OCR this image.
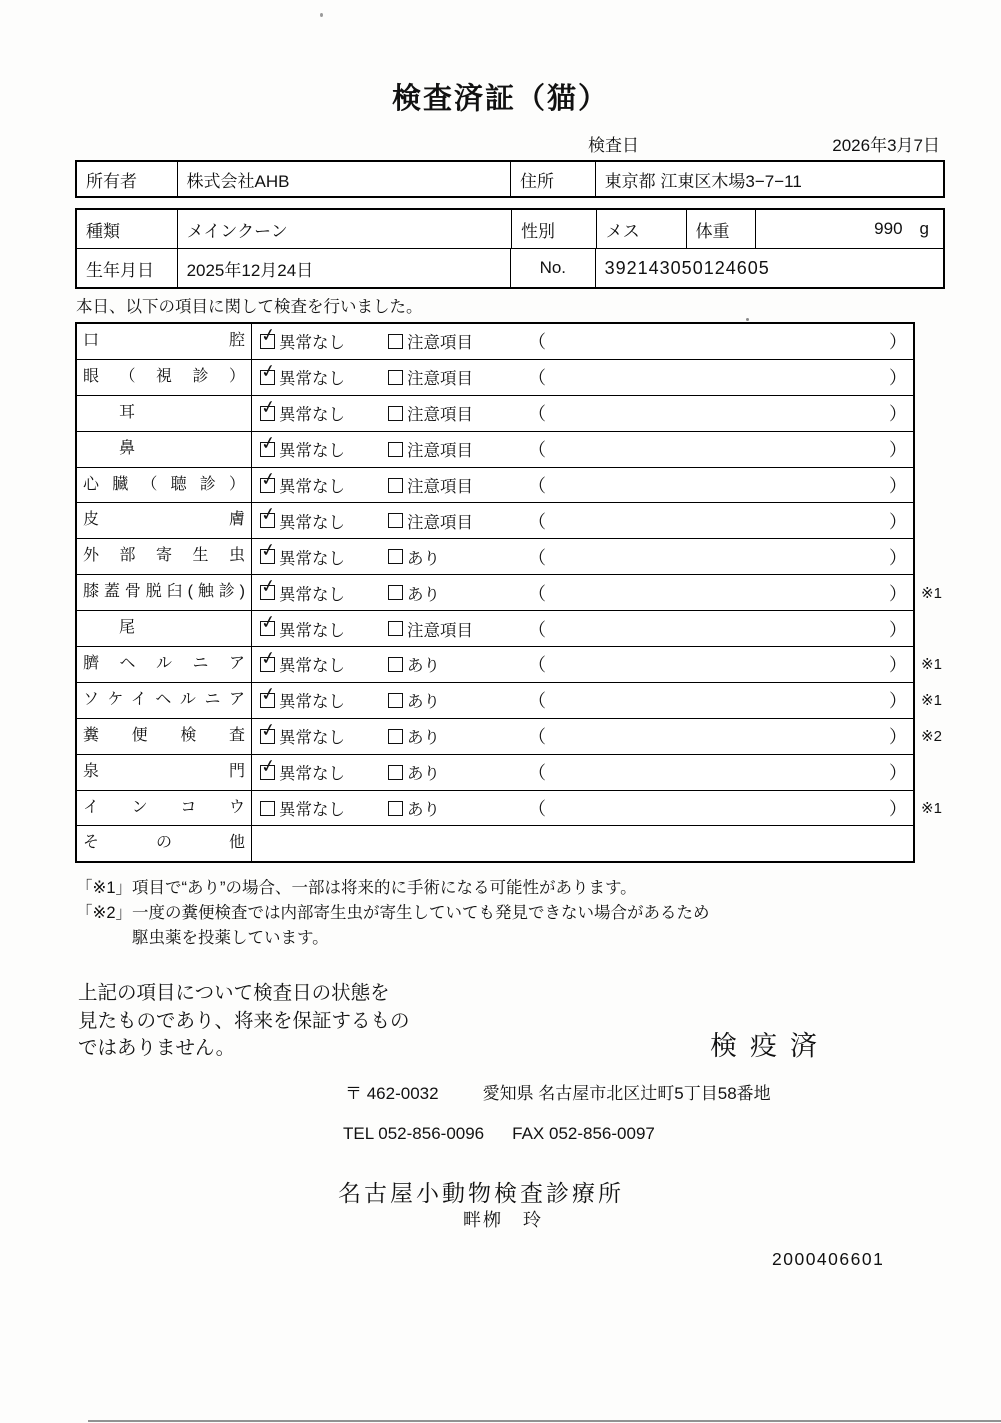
検査済証（猫）
検査日	2026年3月7日
所有者	株式会社AHB	住所	東京都 江東区木場3−7−11
種類	メインクーン	性別	メス	体重	990 g
生年月日	2025年12月24日	No.	392143050124605
本日、以下の項目に関して検査を行いました。
口腔 ✓ 異常なし	注意項目	（	）
眼（視診） ✓ 異常なし	注意項目	（	）
耳	✓ 異常なし	注意項目	（	）
鼻	✓ 異常なし	注意項目	（	）
心臓（聴診） ✓ 異常なし	注意項目	（	）
皮膚 ✓ 異常なし	注意項目	（	）
外部寄生虫 ✓ 異常なし	あり	（	）
膝蓋骨脱臼(触診) ✓ 異常なし	あり	（	） ※1
尾	✓ 異常なし	注意項目	（	）
臍ヘルニア ✓ 異常なし	あり	（	） ※1
ソケイヘルニア ✓ 異常なし	あり	（	） ※1
糞便検査 ✓ 異常なし	あり	（	） ※2
泉門 ✓ 異常なし	あり	（	）
インコウ	異常なし	あり	（	） ※1
その他
「※1」項目で“あり”の場合、一部は将来的に手術になる可能性があります。
「※2」一度の糞便検査では内部寄生虫が寄生していても発見できない場合があるため
駆虫薬を投薬しています。
上記の項目について検査日の状態を
見たものであり、将来を保証するもの
ではありません。	検疫済
〒 462-0032	愛知県 名古屋市北区辻町5丁目58番地
TEL 052-856-0096 FAX 052-856-0097
名古屋小動物検査診療所
畔栁　玲
2000406601
